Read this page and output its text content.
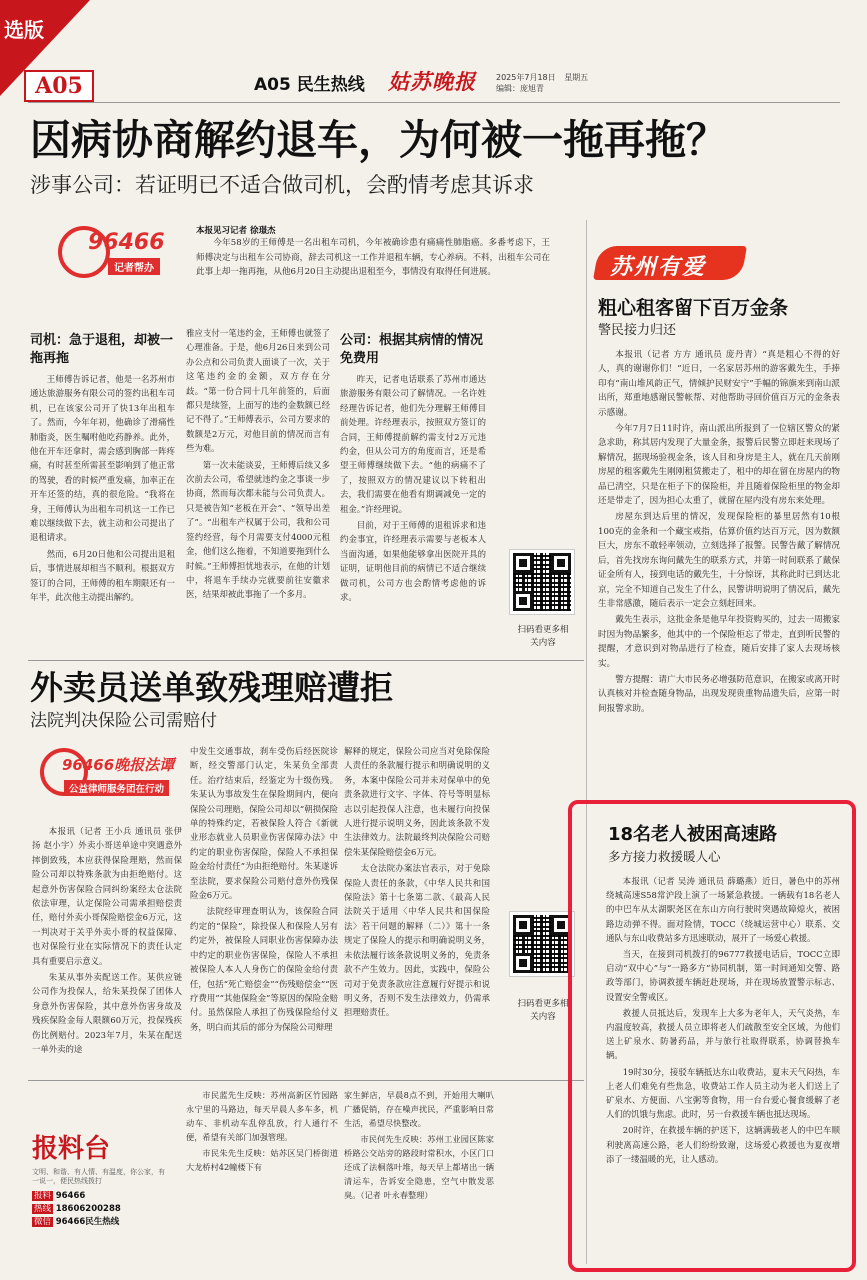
选版
A05	A05 民生热线 姑苏晚报	2025年7月18日 星期五
编辑：庞旭青
因病协商解约退车，为何被一拖再拖？
涉事公司：若证明已不适合做司机，会酌情考虑其诉求
96466
记者帮办
本报见习记者 徐璟杰

今年58岁的王师傅是一名出租车司机，今年被确诊患有痛痛性肺脂癌。多番考虑下，王师傅决定与出租车公司协商，辞去司机这一工作并退租车辆，专心养病。不料，出租车公司在此事上却一拖再拖，从他6月20日主动提出退租至今，事情没有取得任何进展。

司机：急于退租，却被一拖再拖

王师傅告诉记者，他是一名苏州市通达旅游服务有限公司的签约出租车司机，已在该家公司开了快13年出租车了。然而，今年年初，他确诊了滑痛性肺脂炎，医生嘱咐他吃药静养。此外，他在开车还拿时，需会感到胸部一阵疼痛，有时甚至所需甚至影响到了他正常的驾驶，看的时候严重发痛，加率正在开车还签的结，真的很危险。“我将在身，王师傅认为出租车司机这一工作已难以继续做下去，就主动和公司提出了退租请求。

然而，6月20日他和公司提出退租后，事情进展却相当不顺利。根据双方签订的合同，王师傅的租车期限还有一年半，此次他主动提出解约。

雅应支付一笔违约金，王师傅也就签了心理准备。于是，他6月26日来到公司办公点和公司负责人面谈了一次，关于这笔违约金的金额，双方存在分歧。“第一份合同十几年前签的，后面都只是续签，上面写的违约金数额已经记不得了。”王师傅表示，公司方要求的数额是2万元，对他目前的情况而言有些为难。

第一次未能谈妥，王师傅后续又多次前去公司，希望就违约金之事谈一步协商，然而每次都未能与公司负责人。只是被告知“老板在开会”、“领导出差了”。“出租车产权属于公司，我和公司签约经营，每个月需要支付4000元租金，他们这么拖着，不知道要拖到什么时候。”王师傅担忧地表示，在他的计划中，将退车手续办完就要前往安徽求医，结果却被此事拖了一个多月。

公司：根据其病情的情况免费用

昨天，记者电话联系了苏州市通达旅游服务有限公司了解情况。一名许姓经理告诉记者，他们先分理解王师傅目前处理。许经理表示，按照双方签订的合同，王师傅提前解约需支付2万元违约金，但从公司方的角度而言，还是希望王师傅继续做下去。“他的病痛不了了，按照双方的情况建议以下转租出去，我们需要在他看有期调减免一定的租金。”许经理说。

目前，对于王师傅的退租诉求和违约金事宜，许经理表示需要与老板本人当面沟通，如果他能够拿出医院开具的证明，证明他目前的病情已不适合继续做司机，公司方也会酌情考虑他的诉求。

扫码看更多相关内容
外卖员送单致残理赔遭拒
法院判决保险公司需赔付
96466晚报法谭
公益律师服务团在行动

本报讯（记者 王小兵 通讯员 张伊扬 赵小宇）外卖小哥送单途中突遇意外摔倒致残，本应获得保险理赔，然而保险公司却以特殊条款为由拒绝赔付。这起意外伤害保险合同纠纷案经太仓法院依法审理，认定保险公司需承担赔偿责任，赔付外卖小哥保险赔偿金6万元，这一判决对于关乎外卖小哥的权益保障、也对保险行业在实际情况下的责任认定具有重要启示意义。

朱某从事外卖配送工作。某供应链公司作为投保人，给朱某投保了团体人身意外伤害保险，其中意外伤害身故及残疾保险金每人限额60万元，投保残疾伤比例赔付。2023年7月，朱某在配送一单外卖的途

中发生交通事故，刹车受伤后经医院诊断，经交警部门认定，朱某负全部责任。治疗结束后，经鉴定为十级伤残。朱某认为事故发生在保险期间内，便向保险公司理赔，保险公司却以“朝损保险单的特殊约定，若被保险人符合《新就业形态就业人员职业伤害保障办法》中约定的职业伤害保险，保险人不承担保险金给付责任”为由拒绝赔付。朱某遂诉至法院，要求保险公司赔付意外伤残保险金6万元。

法院经审理查明认为，该保险合同约定的“保险”，除投保人和保险人另有约定外，被保险人同职业伤害保障办法中约定的职业伤害保险，保险人不承担被保险人本人人身伤亡的保险金给付责任，包括“死亡赔偿金”“伤残赔偿金”“医疗费用”“其他保险金”等原因的保险金赔付。虽然保险人承担了伤残保险给付义务，明白而其后的部分为保险公司辩理

解释的规定，保险公司应当对免除保险人责任的条款履行提示和明确说明的义务，本案中保险公司并未对保单中的免责条款进行文字、字体、符号等明显标志以引起投保人注意，也未履行向投保人进行提示说明义务，因此该条款不发生法律效力。法院最终判决保险公司赔偿朱某保险赔偿金6万元。

太仓法院办案法官表示，对于免除保险人责任的条款，《中华人民共和国保险法》第十七条第二款、《最高人民法院关于适用〈中华人民共和国保险法〉若干问题的解释（二）》第十一条规定了保险人的提示和明确说明义务，未依法履行该条款说明义务的，免责条款不产生效力。因此，实践中，保险公司对于免责条款应注意履行好提示和说明义务，否则不发生法律效力，仍需承担理赔责任。

扫码看更多相关内容
报料台
文明、和谐、有人情、有温度，你公家，有一说一，便民热线拨打
报料 96466
热线 18606200288
微信 96466民生热线

市民蓝先生反映：苏州高新区竹园路永宁里的马路边，每天早晨人多车多，机动车、非机动车乱停乱放，行人通行不便，希望有关部门加强管理。

市民朱先生反映：姑苏区吴门桥街道大龙桥村42幢楼下有

家生鲜店，早晨8点不到，开始用大喇叭广播促销，存在噪声扰民，严重影响日常生活，希望尽快整改。

市民何先生反映：苏州工业园区陈家桥路公交站旁的路段时常积水，小区门口还成了法桐落叶堆，每天早上都堵出一辆清运车，告诉安全隐患，空气中散发恶臭。（记者 叶永春整理）

苏州有爱
粗心租客留下百万金条
警民接力归还

本报讯（记者 方方 通讯员 庞丹青）“真是粗心不得的好人，真的谢谢你们！”近日，一名家居苏州的游客戴先生，手捧印有“南山堆风韵正气，情倾护民财安宁”手幅的锦旗来到南山派出所，郑重地感谢民警帐帮、对他帮助寻回价值百万元的金条表示感谢。

今年7月7日11时许，南山派出所报到了一位辖区警众的紧急求助，称其居内发现了大量金条，报警后民警立即赶来现场了解情况，据现场验视金条，该人目和身房是主人，就在几天前刚房屋的租客戴先生刚刚租赁搬走了，租中的却在留在房屋内的物品已清空，只是在柜子下的保险柜，并且随着保险柜里的物金却还是带走了，因为担心太重了，就留在屋内没有房东来处理。

房屋东到达后里的情况，发现保险柜的暴里居然有10根100克的金条和一个藏宝戒指，估算价值约达百万元，因为数额巨大，房东不敢轻率领动，立刻选择了报警。民警告戴了解情况后，首先找房东询问戴先生的联系方式，并第一时间联系了戴保证金所有人，接到电话的戴先生，十分惊讶，其称此时已到达北京，完全不知道自己发生了什么，民警讲明说明了情况后，戴先生非常感激，随后表示一定会立刻赶回来。

戴先生表示，这批金条是他早年投资购买的，过去一周搬家时因为物品繁多，他其中的一个保险柜忘了带走，直到听民警的提醒，才意识到对物品进行了检查，随后安排了家人去现场核实。

警方提醒：请广大市民务必增强防范意识，在搬家或离开时认真核对并检查随身物品，出现发现贵重物品遗失后，应第一时间报警求助。

18名老人被困高速路
多方接力救援暖人心

本报讯（记者 吴涛 通讯员 薛璐燕）近日，暑色中的苏州绕城高速S58常沪段上演了一场紧急救援。一辆载有18名老人的中巴车从太湖駅尧区在东山方向行驶时突遇故障熄火，被困路边动弹不得。面对险情，TOCC（绕城运营中心）联系、交通队与东山收费站多方迅速联动，展开了一场爱心救援。

当天，在接到司机拨打的96777救援电话后，TOCC立即启动“双中心”与“一路多方”协同机制，第一时间通知交警、路政等部门，协调救援车辆赶赴现场，并在现场放置警示标志、设置安全警戒区。

救援人员抵达后，发现车上大多为老年人，天气炎热，车内温度较高，救援人员立即将老人们疏散至安全区域，为他们送上矿泉水、防暑药品，并与旅行社取得联系，协调替换车辆。

19时30分，接驳车辆抵达东山收费站，夏末天气闷热，车上老人们难免有些焦急，收费站工作人员主动为老人们送上了矿泉水、方便面、八宝粥等食物，用一台台爱心餐食缓解了老人们的饥饿与焦虑。此时，另一台救援车辆也抵达现场。

20时许，在救援车辆的护送下，这辆满载老人的中巴车顺利驶离高速公路，老人们纷纷致谢，这场爱心救援也为夏夜增添了一缕温暖的光，让人感动。
